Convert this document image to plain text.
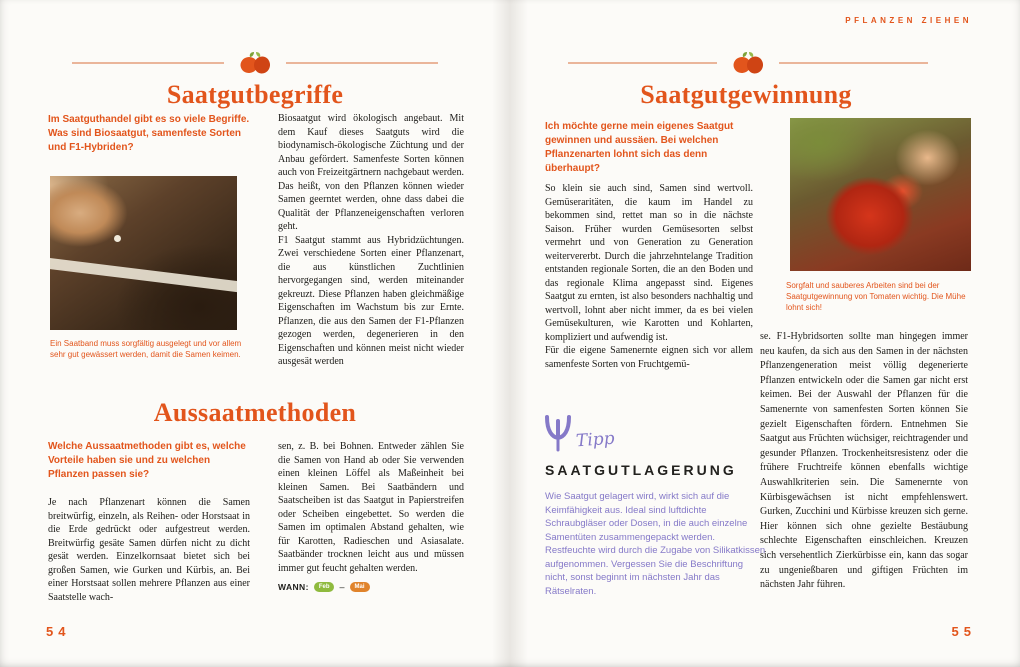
Saatgutbegriffe
Im Saatguthandel gibt es so viele Begriffe. Was sind Biosaatgut, samenfeste Sorten und F1-Hybriden?
Ein Saatband muss sorgfältig ausgelegt und vor allem sehr gut gewässert werden, damit die Samen keimen.

Biosaatgut wird ökologisch angebaut. Mit dem Kauf dieses Saatguts wird die biodynamisch-ökologische Züchtung und der Anbau gefördert. Samenfeste Sorten können auch von Freizeitgärtnern nachgebaut werden. Das heißt, von den Pflanzen können wieder Samen geerntet werden, ohne dass dabei die Qualität der Pflanzeneigenschaften verloren geht.

F1 Saatgut stammt aus Hybridzüchtungen. Zwei verschiedene Sorten einer Pflanzenart, die aus künstlichen Zuchtlinien hervorgegangen sind, werden miteinander gekreuzt. Diese Pflanzen haben gleichmäßige Eigenschaften im Wachstum bis zur Ernte. Pflanzen, die aus den Samen der F1-Pflanzen gezogen werden, degenerieren in den Eigenschaften und können meist nicht wieder ausgesät werden

Aussaatmethoden
Welche Aussaatmethoden gibt es, welche Vorteile haben sie und zu welchen Pflanzen passen sie?

Je nach Pflanzenart können die Samen breitwürfig, einzeln, als Reihen- oder Horstsaat in die Erde gedrückt oder aufgestreut werden. Breitwürfig gesäte Samen dürfen nicht zu dicht gesät werden. Einzelkornsaat bietet sich bei großen Samen, wie Gurken und Kürbis, an. Bei einer Horstsaat sollen mehrere Pflanzen aus einer Saatstelle wach-

sen, z. B. bei Bohnen. Entweder zählen Sie die Samen von Hand ab oder Sie verwenden einen kleinen Löffel als Maßeinheit bei kleinen Samen. Bei Saatbändern und Saatscheiben ist das Saatgut in Papierstreifen oder Scheiben eingebettet. So werden die Samen im optimalen Abstand gehalten, wie für Karotten, Radieschen und Asiasalate. Saatbänder trocknen leicht aus und müssen immer gut feucht gehalten werden.

WANN:	Feb	–	Mai
54
PFLANZEN ZIEHEN
Saatgutgewinnung
Ich möchte gerne mein eigenes Saatgut gewinnen und aussäen. Bei welchen Pflanzenarten lohnt sich das denn überhaupt?
Sorgfalt und sauberes Arbeiten sind bei der Saatgutgewinnung von Tomaten wichtig. Die Mühe lohnt sich!

So klein sie auch sind, Samen sind wertvoll. Gemüseraritäten, die kaum im Handel zu bekommen sind, rettet man so in die nächste Saison. Früher wurden Gemüsesorten selbst vermehrt und von Generation zu Generation weitervererbt. Durch die jahrzehntelange Tradition entstanden regionale Sorten, die an den Boden und das regionale Klima angepasst sind. Eigenes Saatgut zu ernten, ist also besonders nachhaltig und wertvoll, lohnt aber nicht immer, da es bei vielen Gemüsekulturen, wie Karotten und Kohlarten, kompliziert und aufwendig ist.

Für die eigene Samenernte eignen sich vor allem samenfeste Sorten von Fruchtgemü-

se. F1-Hybridsorten sollte man hingegen immer neu kaufen, da sich aus den Samen in der nächsten Pflanzengeneration meist völlig degenerierte Pflanzen entwickeln oder die Samen gar nicht erst keimen. Bei der Auswahl der Pflanzen für die Samenernte von samenfesten Sorten können Sie gezielt Eigenschaften fördern. Entnehmen Sie Saatgut aus Früchten wüchsiger, reichtragender und gesunder Pflanzen. Trockenheitsresistenz oder die frühere Fruchtreife können ebenfalls wichtige Auswahlkriterien sein. Die Samenernte von Kürbisgewächsen ist nicht empfehlenswert. Gurken, Zucchini und Kürbisse kreuzen sich gerne. Hier können sich ohne gezielte Bestäubung schlechte Eigenschaften einschleichen. Kreuzen sich versehentlich Zierkürbisse ein, kann das sogar zu ungenießbaren und giftigen Früchten im nächsten Jahr führen.

Tipp
SAATGUTLAGERUNG
Wie Saatgut gelagert wird, wirkt sich auf die Keimfähigkeit aus. Ideal sind luftdichte Schraubgläser oder Dosen, in die auch einzelne Samentüten zusammengepackt werden. Restfeuchte wird durch die Zugabe von Silikatkissen aufgenommen. Vergessen Sie die Beschriftung nicht, sonst beginnt im nächsten Jahr das Rätselraten.
55
